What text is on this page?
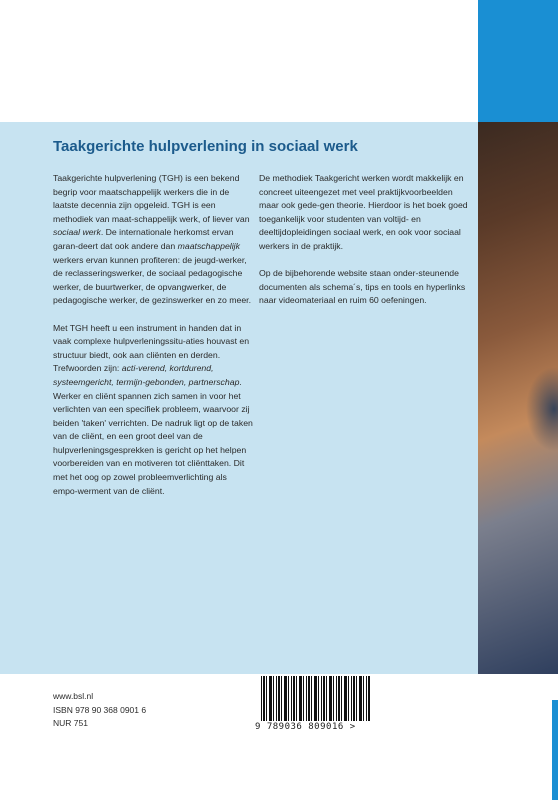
Taakgerichte hulpverlening in sociaal werk

Taakgerichte hulpverlening (TGH) is een bekend begrip voor maatschappelijk werkers die in de laatste decennia zijn opgeleid. TGH is een methodiek van maat-schappelijk werk, of liever van sociaal werk. De internationale herkomst ervan garan-deert dat ook andere dan maatschappelijk werkers ervan kunnen profiteren: de jeugd-werker, de reclasseringswerker, de sociaal pedagogische werker, de buurtwerker, de opvangwerker, de pedagogische werker, de gezinswerker en zo meer.

Met TGH heeft u een instrument in handen dat in vaak complexe hulpverleningssitu-aties houvast en structuur biedt, ook aan cliënten en derden. Trefwoorden zijn: acti-verend, kortdurend, systeemgericht, termijn-gebonden, partnerschap. Werker en cliënt spannen zich samen in voor het verlichten van een specifiek probleem, waarvoor zij beiden 'taken' verrichten. De nadruk ligt op de taken van de cliënt, en een groot deel van de hulpverleningsgesprekken is gericht op het helpen voorbereiden van en motiveren tot cliënttaken. Dit met het oog op zowel probleemverlichting als empo-werment van de cliënt.

De methodiek Taakgericht werken wordt makkelijk en concreet uiteengezet met veel praktijkvoorbeelden maar ook gede-gen theorie. Hierdoor is het boek goed toegankelijk voor studenten van voltijd- en deeltijdopleidingen sociaal werk, en ook voor sociaal werkers in de praktijk.

Op de bijbehorende website staan onder-steunende documenten als schema´s, tips en tools en hyperlinks naar videomateriaal en ruim 60 oefeningen.

www.bsl.nl
ISBN 978 90 368 0901 6
NUR 751	9 789036 809016 >
